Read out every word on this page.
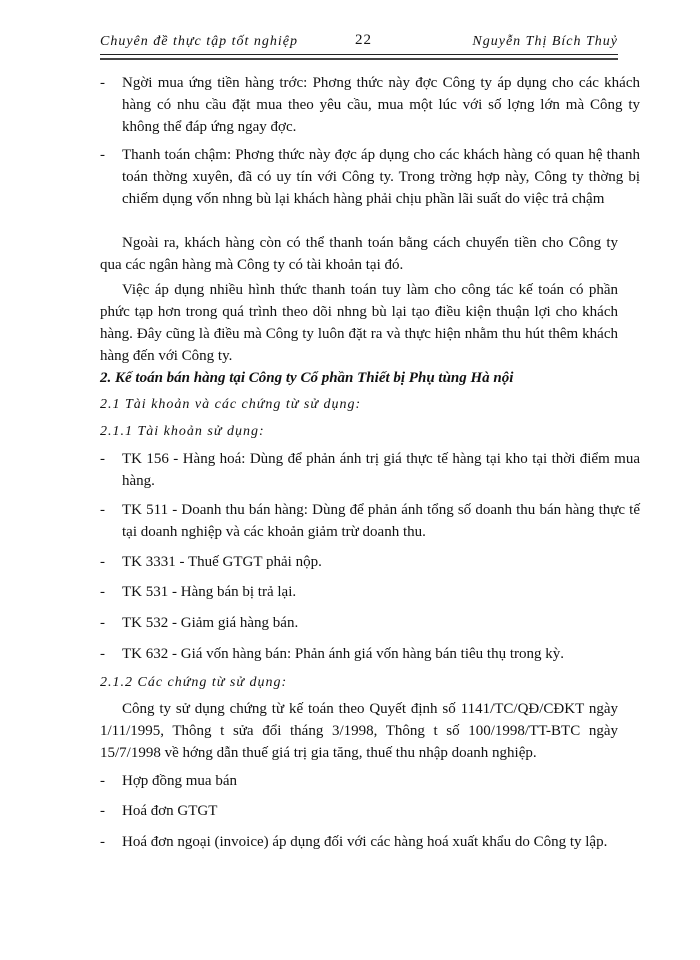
Chuyên đề thực tập tốt nghiệp	22	Nguyễn Thị Bích Thuỷ
- Ngời mua ứng tiền hàng trớc: Phơng thức này đợc Công ty áp dụng cho các khách hàng có nhu cầu đặt mua theo yêu cầu, mua một lúc với số lợng lớn mà Công ty không thể đáp ứng ngay đợc.
- Thanh toán chậm: Phơng thức này đợc áp dụng cho các khách hàng có quan hệ thanh toán thờng xuyên, đã có uy tín với Công ty. Trong trờng hợp này, Công ty thờng bị chiếm dụng vốn nhng bù lại khách hàng phải chịu phần lãi suất do việc trả chậm
Ngoài ra, khách hàng còn có thể thanh toán bằng cách chuyển tiền cho Công ty qua các ngân hàng mà Công ty có tài khoản tại đó.
Việc áp dụng nhiều hình thức thanh toán tuy làm cho công tác kế toán có phần phức tạp hơn trong quá trình theo dõi nhng bù lại tạo điều kiện thuận lợi cho khách hàng. Đây cũng là điều mà Công ty luôn đặt ra và thực hiện nhằm thu hút thêm khách hàng đến với Công ty.
2. Kế toán bán hàng tại Công ty Cổ phần Thiết bị Phụ tùng Hà nội
2.1 Tài khoản và các chứng từ sử dụng:
2.1.1 Tài khoản sử dụng:
- TK 156 - Hàng hoá: Dùng để phản ánh trị giá thực tế hàng tại kho tại thời điểm mua hàng.
- TK 511 - Doanh thu bán hàng: Dùng để phản ánh tổng số doanh thu bán hàng thực tế tại doanh nghiệp và các khoản giảm trừ doanh thu.
- TK 3331 - Thuế GTGT phải nộp.
- TK 531 - Hàng bán bị trả lại.
- TK 532 - Giảm giá hàng bán.
- TK 632 - Giá vốn hàng bán: Phản ánh giá vốn hàng bán tiêu thụ trong kỳ.
2.1.2 Các chứng từ sử dụng:
Công ty sử dụng chứng từ kế toán theo Quyết định số 1141/TC/QĐ/CĐKT ngày 1/11/1995, Thông t sửa đổi tháng 3/1998, Thông t số 100/1998/TT-BTC ngày 15/7/1998 về hớng dẫn thuế giá trị gia tăng, thuế thu nhập doanh nghiệp.
- Hợp đồng mua bán
- Hoá đơn GTGT
- Hoá đơn ngoại (invoice) áp dụng đối với các hàng hoá xuất khẩu do Công ty lập.
